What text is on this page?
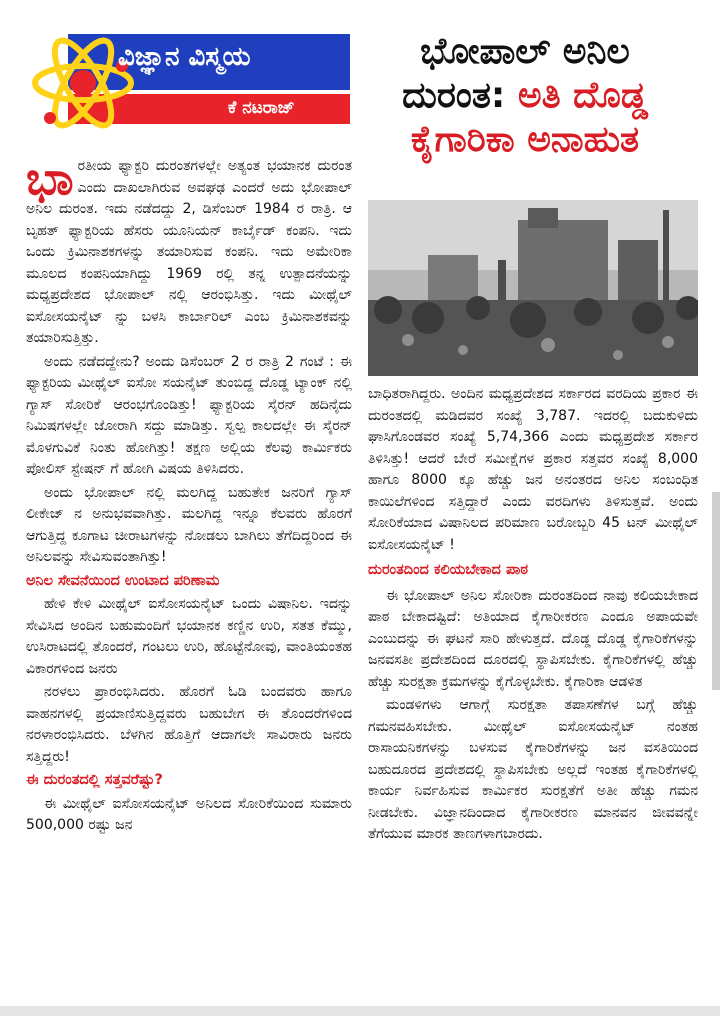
ವಿಜ್ಞಾನ ವಿಸ್ಮಯ
ಕೆ ನಟರಾಜ್
ಭೋಪಾಲ್ ಅನಿಲ
ದುರಂತ: ಅತಿ ದೊಡ್ಡ
ಕೈಗಾರಿಕಾ ಅನಾಹುತ
ಭಾ ರತೀಯ ಫ್ಯಾಕ್ಟರಿ ದುರಂತಗಳಲ್ಲೇ ಅತ್ಯಂತ ಭಯಾನಕ ದುರಂತ ಎಂದು ದಾಖಲಾಗಿರುವ ಅವಘಢ ಎಂದರೆ ಅದು ಭೋಪಾಲ್ ಅನಿಲ ದುರಂತ. ಇದು ನಡೆದದ್ದು 2, ಡಿಸೆಂಬರ್ 1984 ರ ರಾತ್ರಿ. ಆ ಬೃಹತ್ ಫ್ಯಾಕ್ಟರಿಯ ಹೆಸರು ಯೂನಿಯನ್ ಕಾರ್ಬೈಡ್ ಕಂಪನಿ. ಇದು ಒಂದು ಕ್ರಿಮಿನಾಶಕಗಳನ್ನು ತಯಾರಿಸುವ ಕಂಪನಿ. ಇದು ಅಮೇರಿಕಾ ಮೂಲದ ಕಂಪನಿಯಾಗಿದ್ದು 1969 ರಲ್ಲಿ ತನ್ನ ಉತ್ಪಾದನೆಯನ್ನು ಮಧ್ಯಪ್ರದೇಶದ ಭೋಪಾಲ್ ನಲ್ಲಿ ಆರಂಭಿಸಿತ್ತು. ಇದು ಮೀಥೈಲ್ ಐಸೋಸಯನೈಟ್ ನ್ನು ಬಳಸಿ ಕಾರ್ಬಾರಿಲ್ ಎಂಬ ಕ್ರಿಮಿನಾಶಕವನ್ನು ತಯಾರಿಸುತ್ತಿತ್ತು.

ಅಂದು ನಡೆದದ್ದೇನು? ಅಂದು ಡಿಸೆಂಬರ್ 2 ರ ರಾತ್ರಿ 2 ಗಂಟೆ : ಈ ಫ್ಯಾಕ್ಟರಿಯ ಮೀಥೈಲ್ ಐಸೋ ಸಯನೈಟ್ ತುಂಬಿದ್ದ ದೊಡ್ಡ ಟ್ಯಾಂಕ್ ನಲ್ಲಿ ಗ್ಯಾಸ್ ಸೋರಿಕೆ ಆರಂಭಗೊಂಡಿತ್ತು! ಫ್ಯಾಕ್ಟರಿಯ ಸೈರನ್ ಹದಿನೈದು ನಿಮಿಷಗಳಲ್ಲೇ ಜೋರಾಗಿ ಸದ್ದು ಮಾಡಿತ್ತು. ಸ್ವಲ್ಪ ಕಾಲದಲ್ಲೇ ಈ ಸೈರನ್ ಮೊಳಗುವಿಕೆ ನಿಂತು ಹೋಗಿತ್ತು! ತಕ್ಷಣ ಅಲ್ಲಿಯ ಕೆಲವು ಕಾರ್ಮಿಕರು ಪೋಲಿಸ್ ಸ್ಟೇಷನ್ ಗೆ ಹೋಗಿ ವಿಷಯ ತಿಳಿಸಿದರು.

ಅಂದು ಭೋಪಾಲ್ ನಲ್ಲಿ ಮಲಗಿದ್ದ ಬಹುತೇಕ ಜನರಿಗೆ ಗ್ಯಾಸ್ ಲೀಕೇಜ್ ನ ಅನುಭವವಾಗಿತ್ತು. ಮಲಗಿದ್ದ ಇನ್ನೂ ಕೆಲವರು ಹೊರಗೆ ಆಗುತ್ತಿದ್ದ ಕೂಗಾಟ ಚೀರಾಟಗಳನ್ನು ನೋಡಲು ಬಾಗಿಲು ತೆಗೆದಿದ್ದರಿಂದ ಈ ಅನಿಲವನ್ನು ಸೇವಿಸುವಂತಾಗಿತ್ತು!

ಅನಿಲ ಸೇವನೆಯಿಂದ ಉಂಟಾದ ಪರಿಣಾಮ

ಹೇಳಿ ಕೇಳಿ ಮೀಥೈಲ್ ಐಸೋಸಯನೈಟ್ ಒಂದು ವಿಷಾನಿಲ. ಇದನ್ನು ಸೇವಿಸಿದ ಅಂದಿನ ಬಹುಮಂದಿಗೆ ಭಯಾನಕ ಕಣ್ಣಿನ ಉರಿ, ಸತತ ಕೆಮ್ಮು, ಉಸಿರಾಟದಲ್ಲಿ ತೊಂದರೆ, ಗಂಟಲು ಉರಿ, ಹೊಟ್ಟೆನೋವು, ವಾಂತಿಯಂತಹ ವಿಕಾರಗಳಿಂದ ಜನರು

ನರಳಲು ಪ್ರಾರಂಭಿಸಿದರು. ಹೊರಗೆ ಓಡಿ ಬಂದವರು ಹಾಗೂ ವಾಹನಗಳಲ್ಲಿ ಪ್ರಯಾಣಿಸುತ್ತಿದ್ದವರು ಬಹುಬೇಗ ಈ ತೊಂದರೆಗಳಿಂದ ನರಳಾರಂಭಿಸಿದರು. ಬೆಳಗಿನ ಹೊತ್ತಿಗೆ ಆದಾಗಲೇ ಸಾವಿರಾರು ಜನರು ಸತ್ತಿದ್ದರು!

ಈ ದುರಂತದಲ್ಲಿ ಸತ್ತವರೆಷ್ಟು?

ಈ ಮೀಥೈಲ್ ಐಸೋಸಯನೈಟ್ ಅನಿಲದ ಸೋರಿಕೆಯಿಂದ ಸುಮಾರು 500,000 ರಷ್ಟು ಜನ

ಬಾಧಿತರಾಗಿದ್ದರು. ಅಂದಿನ ಮಧ್ಯಪ್ರದೇಶದ ಸರ್ಕಾರದ ವರದಿಯ ಪ್ರಕಾರ ಈ ದುರಂತದಲ್ಲಿ ಮಡಿದವರ ಸಂಖ್ಯೆ 3,787. ಇದರಲ್ಲಿ ಬದುಕುಳಿದು ಘಾಸಿಗೊಂಡವರ ಸಂಖ್ಯೆ 5,74,366 ಎಂದು ಮಧ್ಯಪ್ರದೇಶ ಸರ್ಕಾರ ತಿಳಿಸಿತ್ತು! ಆದರೆ ಬೇರೆ ಸಮೀಕ್ಷೆಗಳ ಪ್ರಕಾರ ಸತ್ತವರ ಸಂಖ್ಯೆ 8,000 ಹಾಗೂ 8000 ಕ್ಕೂ ಹೆಚ್ಚು ಜನ ಅನಂತರದ ಅನಿಲ ಸಂಬಂಧಿತ ಕಾಯಿಲೆಗಳಿಂದ ಸತ್ತಿದ್ದಾರೆ ಎಂದು ವರದಿಗಳು ತಿಳಿಸುತ್ತವೆ. ಅಂದು ಸೋರಿಕೆಯಾದ ವಿಷಾನಿಲದ ಪರಿಮಾಣ ಬರೋಬ್ಬರಿ 45 ಟನ್ ಮೀಥೈಲ್ ಐಸೋಸಯನೈಟ್ !

ದುರಂತದಿಂದ ಕಲಿಯಬೇಕಾದ ಪಾಠ

ಈ ಭೋಪಾಲ್ ಅನಿಲ ಸೋರಿಕಾ ದುರಂತದಿಂದ ನಾವು ಕಲಿಯಬೇಕಾದ ಪಾಠ ಬೇಕಾದಷ್ಟಿದೆ: ಅತಿಯಾದ ಕೈಗಾರೀಕರಣ ಎಂದೂ ಅಪಾಯವೇ ಎಂಬುದನ್ನು ಈ ಘಟನೆ ಸಾರಿ ಹೇಳುತ್ತದೆ. ದೊಡ್ಡ ದೊಡ್ಡ ಕೈಗಾರಿಕೆಗಳನ್ನು ಜನವಸತೀ ಪ್ರದೇಶದಿಂದ ದೂರದಲ್ಲಿ ಸ್ಥಾಪಿಸಬೇಕು. ಕೈಗಾರಿಕೆಗಳಲ್ಲಿ ಹೆಚ್ಚು ಹೆಚ್ಚು ಸುರಕ್ಷತಾ ಕ್ರಮಗಳನ್ನು ಕೈಗೊಳ್ಳಬೇಕು. ಕೈಗಾರಿಕಾ ಆಡಳಿತ

ಮಂಡಳಿಗಳು ಆಗಾಗ್ಗೆ ಸುರಕ್ಷತಾ ತಪಾಸಣೆಗಳ ಬಗ್ಗೆ ಹೆಚ್ಚು ಗಮನವಹಿಸಬೇಕು. ಮೀಥೈಲ್ ಐಸೋಸಯನೈಟ್ ನಂತಹ ರಾಸಾಯನಿಕಗಳನ್ನು ಬಳಸುವ ಕೈಗಾರಿಕೆಗಳನ್ನು ಜನ ವಸತಿಯಿಂದ ಬಹುದೂರದ ಪ್ರದೇಶದಲ್ಲಿ ಸ್ಥಾಪಿಸಬೇಕು ಅಲ್ಲದೆ ಇಂತಹ ಕೈಗಾರಿಕೆಗಳಲ್ಲಿ ಕಾರ್ಯ ನಿರ್ವಹಿಸುವ ಕಾರ್ಮಿಕರ ಸುರಕ್ಷತೆಗೆ ಅತೀ ಹೆಚ್ಚು ಗಮನ ನೀಡಬೇಕು. ವಿಜ್ಞಾನದಿಂದಾದ ಕೈಗಾರೀಕರಣ ಮಾನವನ ಜೀವವನ್ನೇ ತೆಗೆಯುವ ಮಾರಕ ತಾಣಗಳಾಗಬಾರದು.
